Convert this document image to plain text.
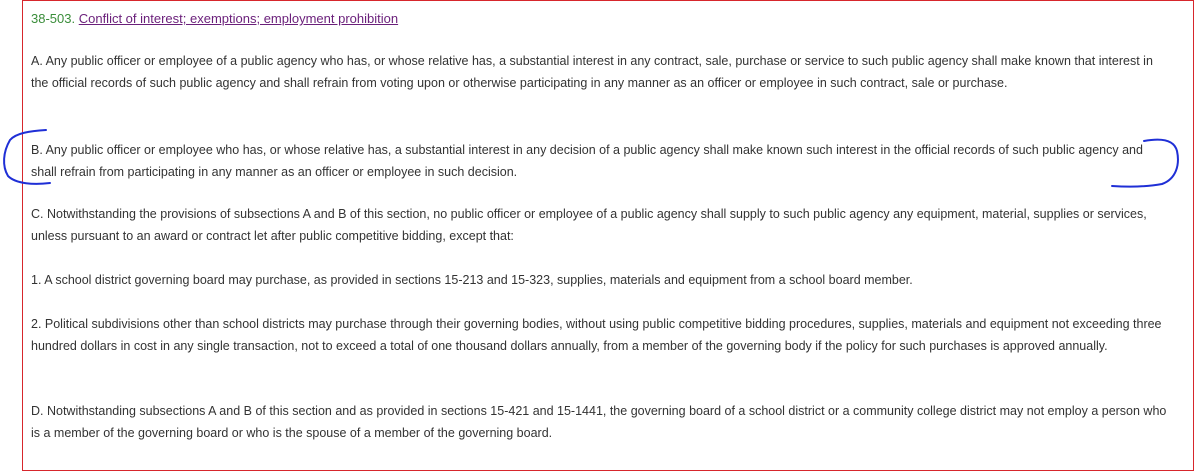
38-503. Conflict of interest; exemptions; employment prohibition

A. Any public officer or employee of a public agency who has, or whose relative has, a substantial interest in any contract, sale, purchase or service to such public agency shall make known that interest in the official records of such public agency and shall refrain from voting upon or otherwise participating in any manner as an officer or employee in such contract, sale or purchase.

B. Any public officer or employee who has, or whose relative has, a substantial interest in any decision of a public agency shall make known such interest in the official records of such public agency and shall refrain from participating in any manner as an officer or employee in such decision.

C. Notwithstanding the provisions of subsections A and B of this section, no public officer or employee of a public agency shall supply to such public agency any equipment, material, supplies or services, unless pursuant to an award or contract let after public competitive bidding, except that:

1. A school district governing board may purchase, as provided in sections 15-213 and 15-323, supplies, materials and equipment from a school board member.

2. Political subdivisions other than school districts may purchase through their governing bodies, without using public competitive bidding procedures, supplies, materials and equipment not exceeding three hundred dollars in cost in any single transaction, not to exceed a total of one thousand dollars annually, from a member of the governing body if the policy for such purchases is approved annually.

D. Notwithstanding subsections A and B of this section and as provided in sections 15-421 and 15-1441, the governing board of a school district or a community college district may not employ a person who is a member of the governing board or who is the spouse of a member of the governing board.
